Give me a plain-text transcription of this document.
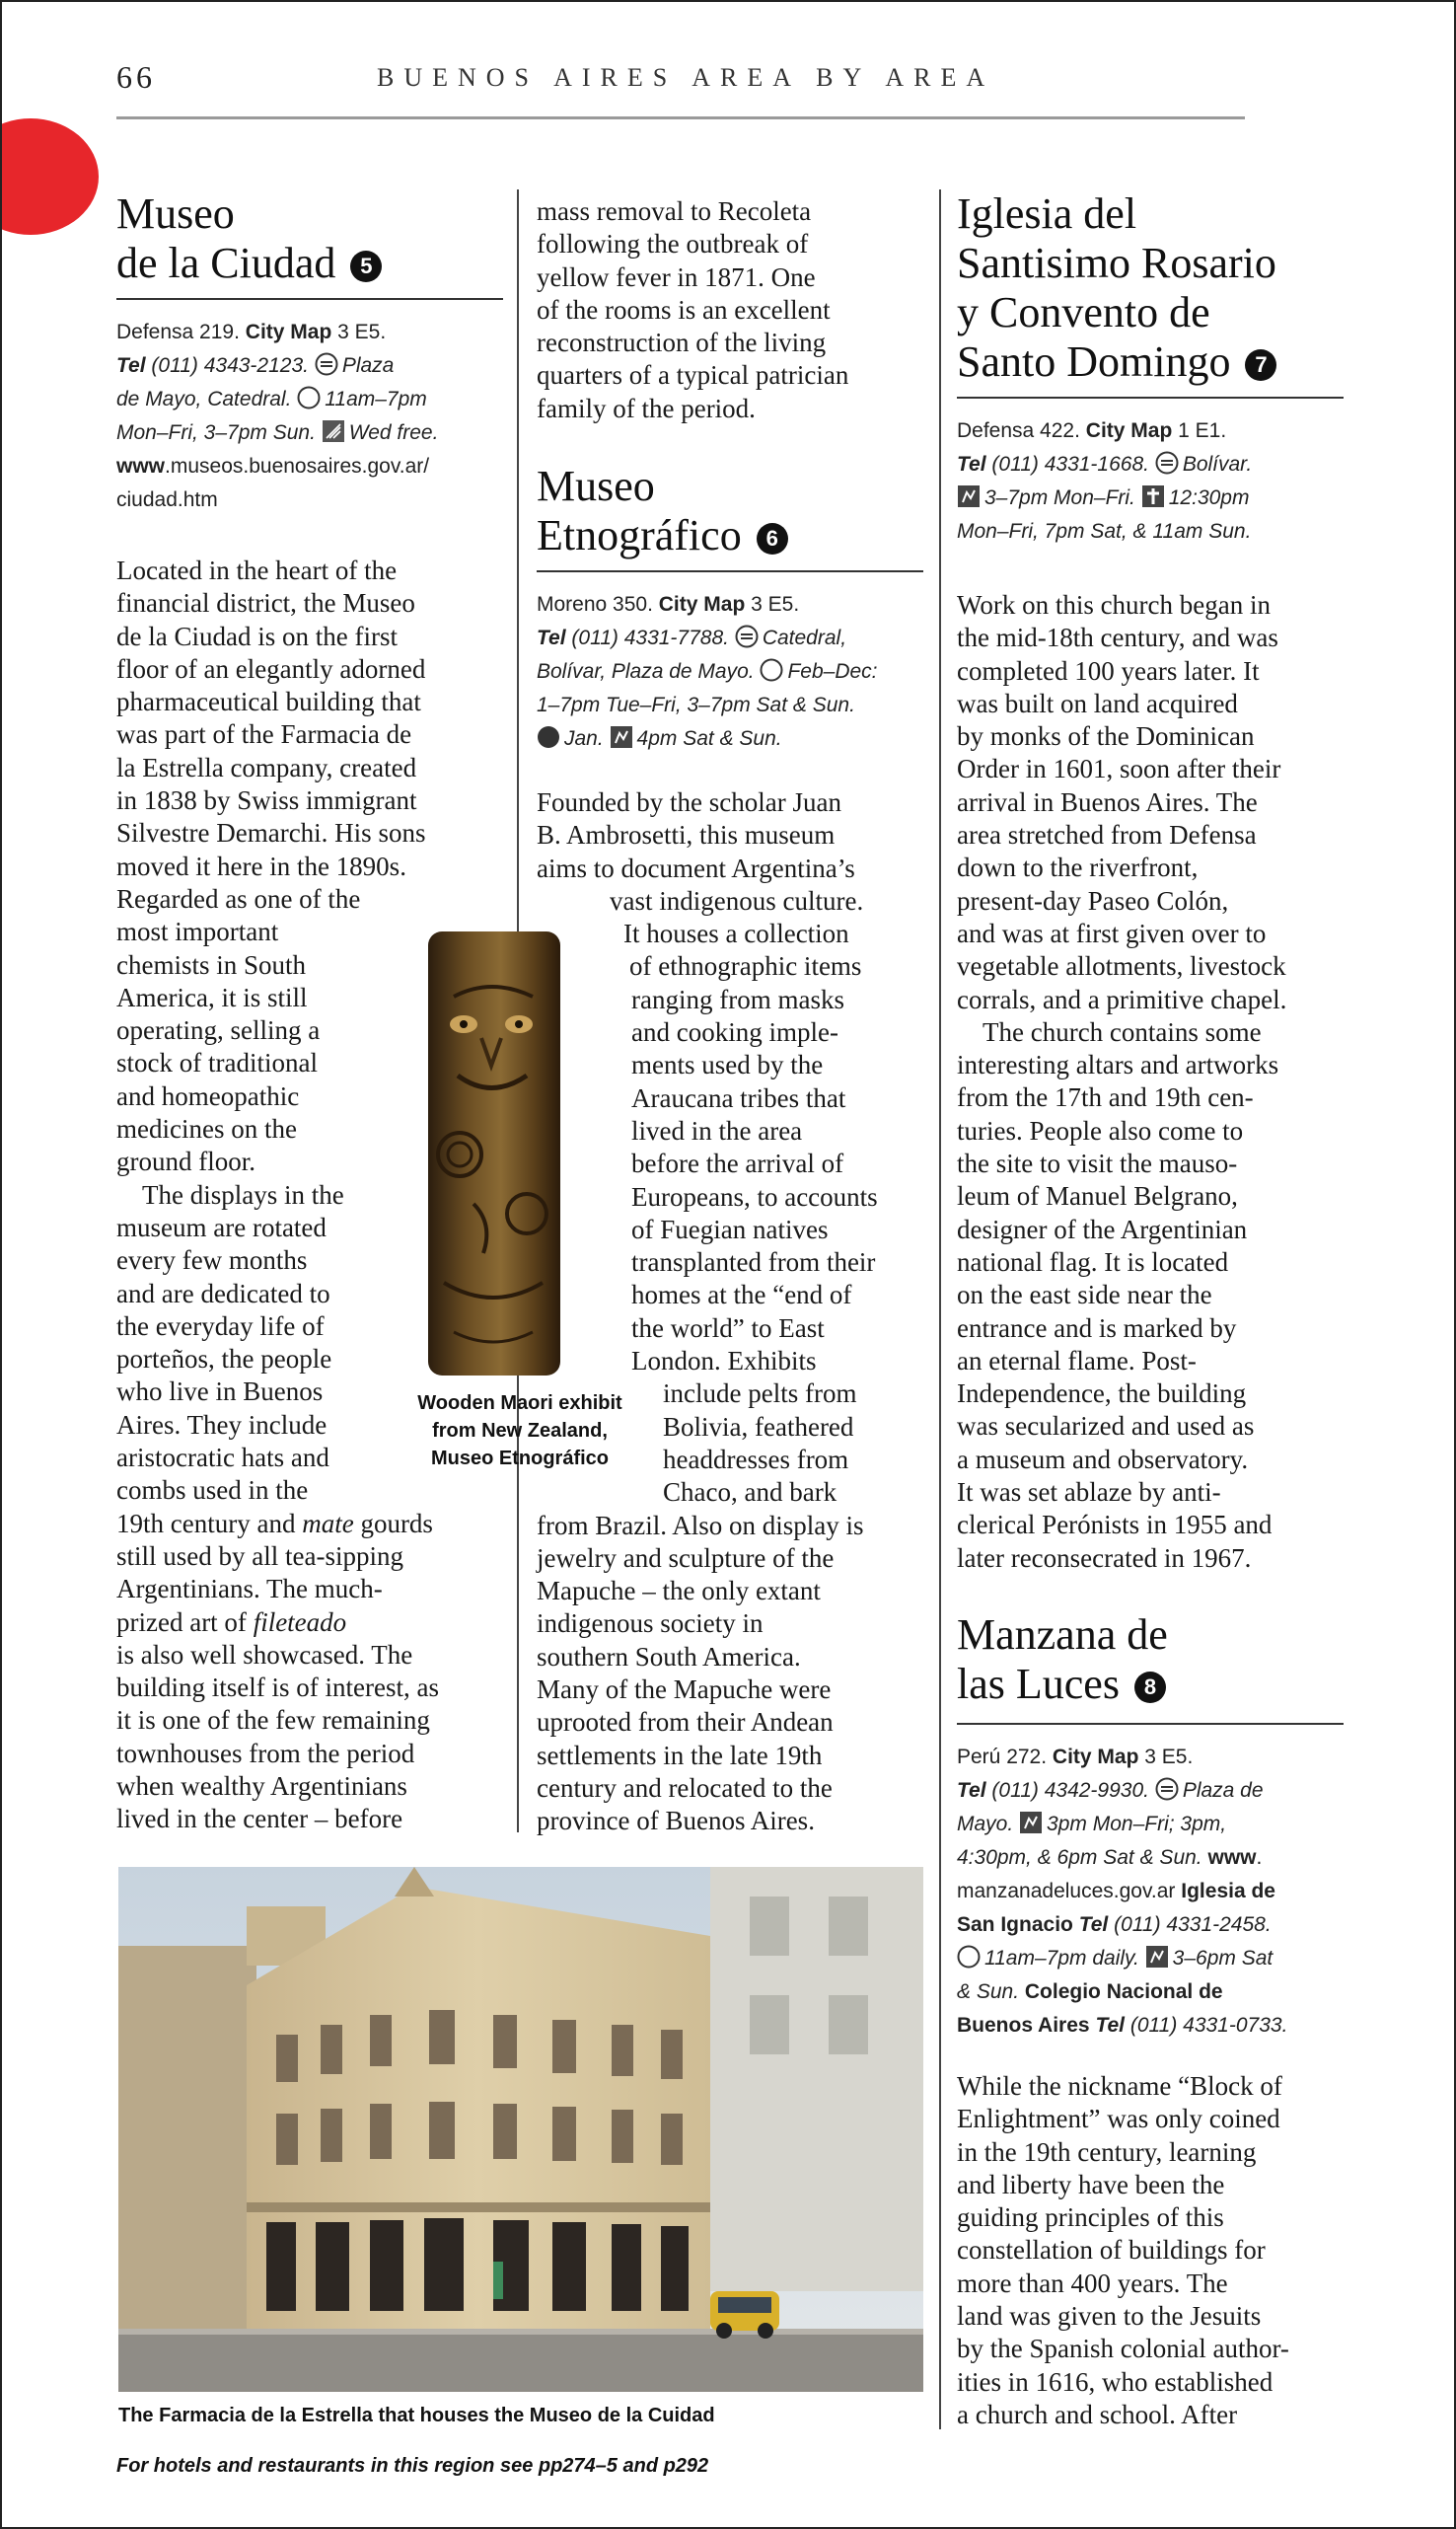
66	BUENOS AIRES AREA BY AREA
Museo
de la Ciudad 5
Defensa 219. City Map 3 E5.
Tel (011) 4343-2123. Plaza
de Mayo, Catedral. 11am–7pm
Mon–Fri, 3–7pm Sun. Wed free.
www.museos.buenosaires.gov.ar/
ciudad.htm
Located in the heart of the
financial district, the Museo
de la Ciudad is on the first
floor of an elegantly adorned
pharmaceutical building that
was part of the Farmacia de
la Estrella company, created
in 1838 by Swiss immigrant
Silvestre Demarchi. His sons
moved it here in the 1890s.
Regarded as one of the
most important
chemists in South
America, it is still
operating, selling a
stock of traditional
and homeopathic
medicines on the
ground floor.
The displays in the
museum are rotated
every few months
and are dedicated to
the everyday life of
porteños, the people
who live in Buenos
Aires. They include
aristocratic hats and
combs used in the
19th century and mate gourds
still used by all tea-sipping
Argentinians. The much-
prized art of fileteado
is also well showcased. The
building itself is of interest, as
it is one of the few remaining
townhouses from the period
when wealthy Argentinians
lived in the center – before
Wooden Maori exhibit
from New Zealand,
Museo Etnográfico
mass removal to Recoleta
following the outbreak of
yellow fever in 1871. One
of the rooms is an excellent
reconstruction of the living
quarters of a typical patrician
family of the period.
Museo
Etnográfico 6
Moreno 350. City Map 3 E5.
Tel (011) 4331-7788. Catedral,
Bolívar, Plaza de Mayo. Feb–Dec:
1–7pm Tue–Fri, 3–7pm Sat & Sun.

Jan. 4pm Sat & Sun.
Founded by the scholar Juan
B. Ambrosetti, this museum
aims to document Argentina’s
vast indigenous culture.
It houses a collection
of ethnographic items
ranging from masks
and cooking imple-
ments used by the
Araucana tribes that
lived in the area
before the arrival of
Europeans, to accounts
of Fuegian natives
transplanted from their
homes at the “end of
the world” to East
London. Exhibits
include pelts from
Bolivia, feathered
headdresses from
Chaco, and bark
from Brazil. Also on display is
jewelry and sculpture of the
Mapuche – the only extant
indigenous society in
southern South America.
Many of the Mapuche were
uprooted from their Andean
settlements in the late 19th
century and relocated to the
province of Buenos Aires.
Iglesia del
Santisimo Rosario
y Convento de
Santo Domingo 7
Defensa 422. City Map 1 E1.
Tel (011) 4331-1668. Bolívar.

3–7pm Mon–Fri. 12:30pm
Mon–Fri, 7pm Sat, & 11am Sun.
Work on this church began in
the mid-18th century, and was
completed 100 years later. It
was built on land acquired
by monks of the Dominican
Order in 1601, soon after their
arrival in Buenos Aires. The
area stretched from Defensa
down to the riverfront,
present-day Paseo Colón,
and was at first given over to
vegetable allotments, livestock
corrals, and a primitive chapel.
The church contains some
interesting altars and artworks
from the 17th and 19th cen-
turies. People also come to
the site to visit the mauso-
leum of Manuel Belgrano,
designer of the Argentinian
national flag. It is located
on the east side near the
entrance and is marked by
an eternal flame. Post-
Independence, the building
was secularized and used as
a museum and observatory.
It was set ablaze by anti-
clerical Perónists in 1955 and
later reconsecrated in 1967.
Manzana de
las Luces 8
Perú 272. City Map 3 E5.
Tel (011) 4342-9930. Plaza de
Mayo. 3pm Mon–Fri; 3pm,
4:30pm, & 6pm Sat & Sun. www.
manzanadeluces.gov.ar Iglesia de
San Ignacio Tel (011) 4331-2458.

11am–7pm daily. 3–6pm Sat
& Sun. Colegio Nacional de
Buenos Aires Tel (011) 4331-0733.
While the nickname “Block of
Enlightment” was only coined
in the 19th century, learning
and liberty have been the
guiding principles of this
constellation of buildings for
more than 400 years. The
land was given to the Jesuits
by the Spanish colonial author-
ities in 1616, who established
a church and school. After
The Farmacia de la Estrella that houses the Museo de la Cuidad
For hotels and restaurants in this region see pp274–5 and p292
